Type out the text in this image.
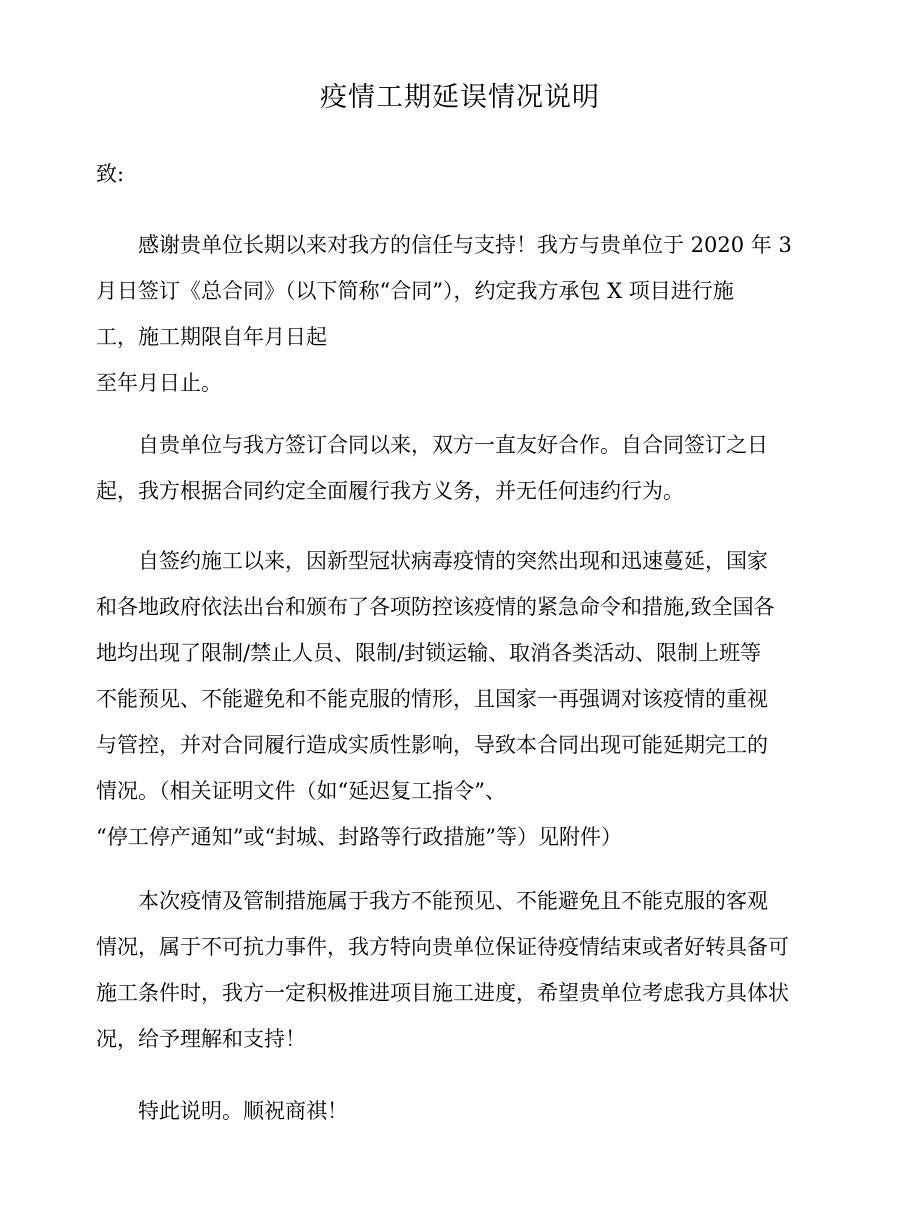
疫情工期延误情况说明
致:
感谢贵单位长期以来对我方的信任与支持！我方与贵单位于 2020 年 3
月日签订《总合同》（以下简称“合同”），约定我方承包 X 项目进行施
工，施工期限自年月日起
至年月日止。
自贵单位与我方签订合同以来，双方一直友好合作。自合同签订之日
起，我方根据合同约定全面履行我方义务，并无任何违约行为。
自签约施工以来，因新型冠状病毒疫情的突然出现和迅速蔓延，国家
和各地政府依法出台和颁布了各项防控该疫情的紧急命令和措施,致全国各
地均出现了限制/禁止人员、限制/封锁运输、取消各类活动、限制上班等
不能预见、不能避免和不能克服的情形，且国家一再强调对该疫情的重视
与管控，并对合同履行造成实质性影响，导致本合同出现可能延期完工的
情况。（相关证明文件（如“延迟复工指令”、
“停工停产通知”或“封城、封路等行政措施”等）见附件）
本次疫情及管制措施属于我方不能预见、不能避免且不能克服的客观
情况，属于不可抗力事件，我方特向贵单位保证待疫情结束或者好转具备可
施工条件时，我方一定积极推进项目施工进度，希望贵单位考虑我方具体状
况，给予理解和支持！
特此说明。顺祝商祺！
